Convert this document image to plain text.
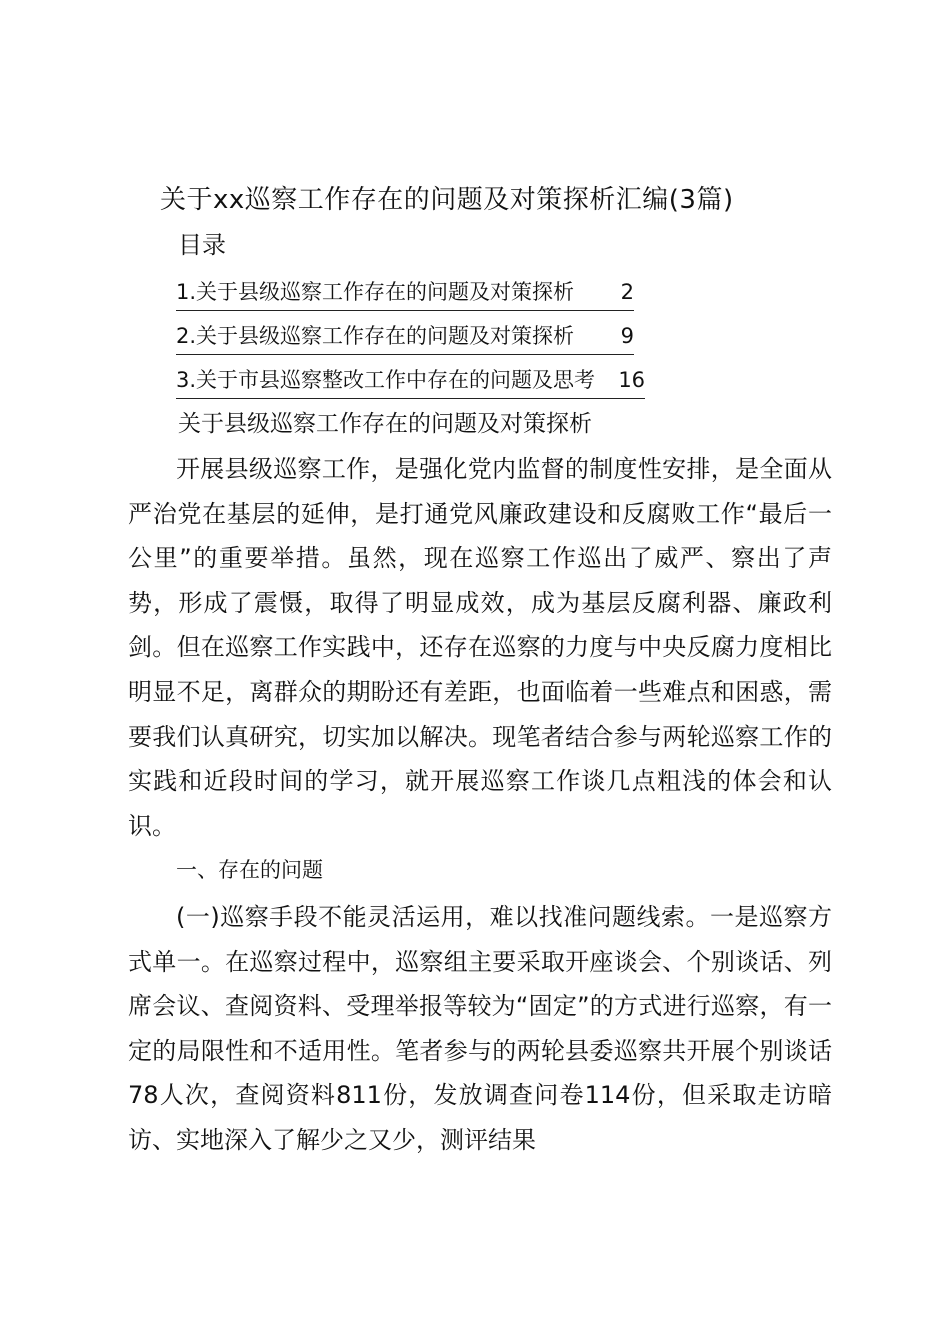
关于xx巡察工作存在的问题及对策探析汇编(3篇)
目录
1.关于县级巡察工作存在的问题及对策探析 2
2.关于县级巡察工作存在的问题及对策探析 9
3.关于市县巡察整改工作中存在的问题及思考 16
关于县级巡察工作存在的问题及对策探析

开展县级巡察工作，是强化党内监督的制度性安排，是全面从严治党在基层的延伸，是打通党风廉政建设和反腐败工作“最后一公里”的重要举措。虽然，现在巡察工作巡出了威严、察出了声势，形成了震慑，取得了明显成效，成为基层反腐利器、廉政利剑。但在巡察工作实践中，还存在巡察的力度与中央反腐力度相比明显不足，离群众的期盼还有差距，也面临着一些难点和困惑，需要我们认真研究，切实加以解决。现笔者结合参与两轮巡察工作的实践和近段时间的学习，就开展巡察工作谈几点粗浅的体会和认识。

一、存在的问题

(一)巡察手段不能灵活运用，难以找准问题线索。一是巡察方式单一。在巡察过程中，巡察组主要采取开座谈会、个别谈话、列席会议、查阅资料、受理举报等较为“固定”的方式进行巡察，有一定的局限性和不适用性。笔者参与的两轮县委巡察共开展个别谈话78人次，查阅资料811份，发放调查问卷114份，但采取走访暗访、实地深入了解少之又少，测评结果
